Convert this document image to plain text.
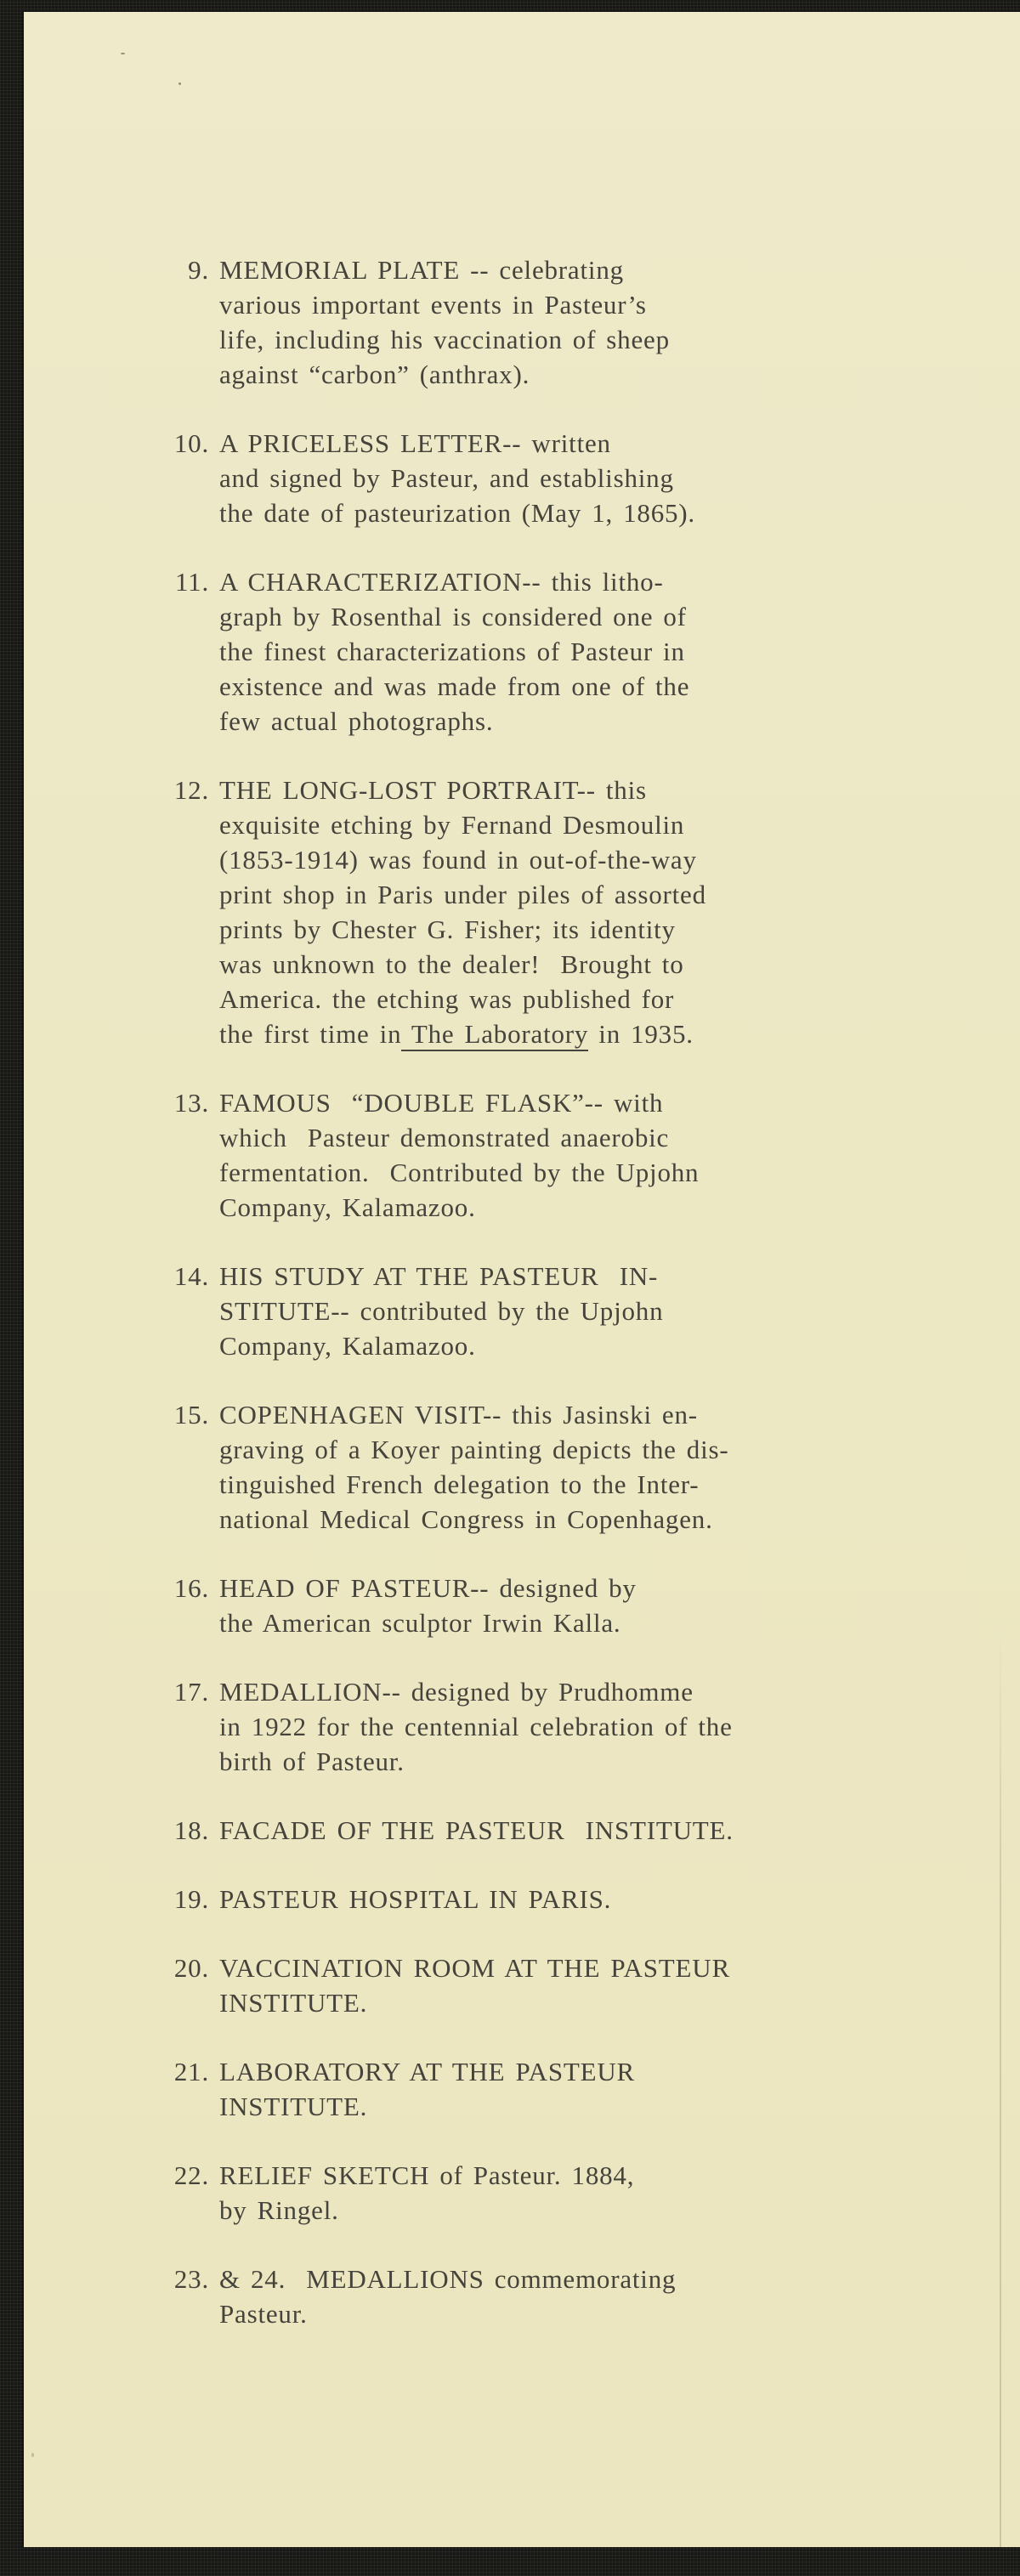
9. MEMORIAL PLATE -- celebrating
various important events in Pasteur’s
life, including his vaccination of sheep
against “carbon” (anthrax).
10. A PRICELESS LETTER-- written
and signed by Pasteur, and establishing
the date of pasteurization (May 1, 1865).
11. A CHARACTERIZATION-- this litho-
graph by Rosenthal is considered one of
the finest characterizations of Pasteur in
existence and was made from one of the
few actual photographs.
12. THE LONG-LOST PORTRAIT-- this
exquisite etching by Fernand Desmoulin
(1853-1914) was found in out-of-the-way
print shop in Paris under piles of assorted
prints by Chester G. Fisher; its identity
was unknown to the dealer!  Brought to
America. the etching was published for
the first time in The Laboratory in 1935.
13. FAMOUS  “DOUBLE FLASK”-- with
which  Pasteur demonstrated anaerobic
fermentation.  Contributed by the Upjohn
Company, Kalamazoo.
14. HIS STUDY AT THE PASTEUR  IN-
STITUTE-- contributed by the Upjohn
Company, Kalamazoo.
15. COPENHAGEN VISIT-- this Jasinski en-
graving of a Koyer painting depicts the dis-
tinguished French delegation to the Inter-
national Medical Congress in Copenhagen.
16. HEAD OF PASTEUR-- designed by
the American sculptor Irwin Kalla.
17. MEDALLION-- designed by Prudhomme
in 1922 for the centennial celebration of the
birth of Pasteur.
18. FACADE OF THE PASTEUR  INSTITUTE.
19. PASTEUR HOSPITAL IN PARIS.
20. VACCINATION ROOM AT THE PASTEUR
INSTITUTE.
21. LABORATORY AT THE PASTEUR
INSTITUTE.
22. RELIEF SKETCH of Pasteur. 1884,
by Ringel.
23. & 24.  MEDALLIONS commemorating
Pasteur.
